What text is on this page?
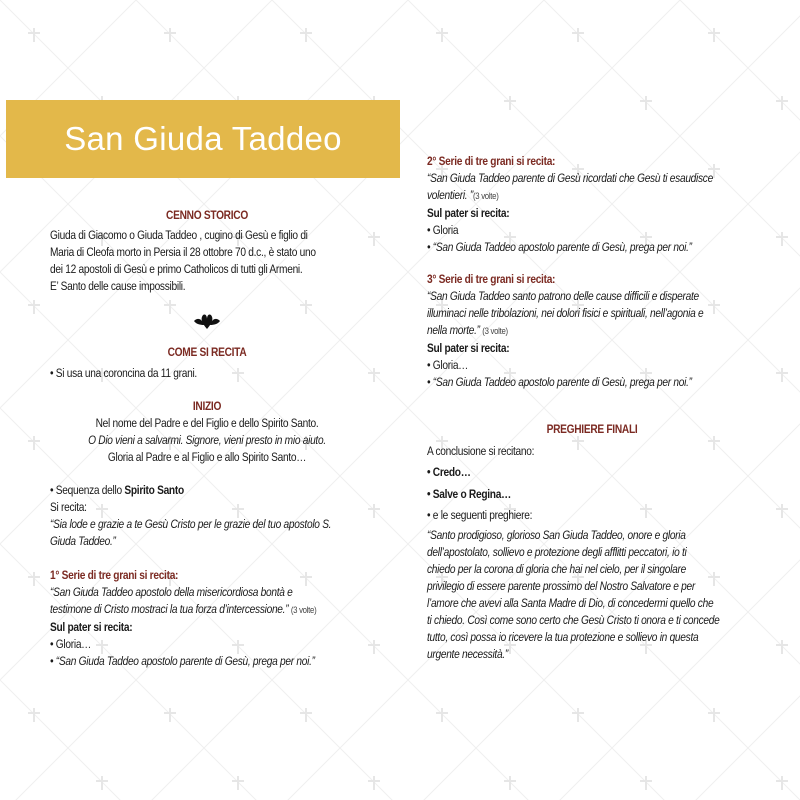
San Giuda Taddeo
CENNO STORICO
Giuda di Giacomo o Giuda Taddeo , cugino di Gesù e figlio di
Maria di Cleofa morto in Persia il 28 ottobre 70 d.c., è stato uno
dei 12 apostoli di Gesù e primo Catholicos di tutti gli Armeni.
E’ Santo delle cause impossibili.
COME SI RECITA
• Si usa una coroncina da 11 grani.
INIZIO
Nel nome del Padre e del Figlio e dello Spirito Santo.
O Dio vieni a salvarmi. Signore, vieni presto in mio aiuto.
Gloria al Padre e al Figlio e allo Spirito Santo…
• Sequenza dello Spirito Santo
Si recita:
“Sia lode e grazie a te Gesù Cristo per le grazie del tuo apostolo S.
Giuda Taddeo.”
1° Serie di tre grani si recita:
“San Giuda Taddeo apostolo della misericordiosa bontà e
testimone di Cristo mostraci la tua forza d’intercessione.” (3 volte)
Sul pater si recita:
• Gloria…
• “San Giuda Taddeo apostolo parente di Gesù, prega per noi.”
2° Serie di tre grani si recita:
“San Giuda Taddeo parente di Gesù ricordati che Gesù ti esaudisce
volentieri. ”(3 volte)
Sul pater si recita:
• Gloria
• “San Giuda Taddeo apostolo parente di Gesù, prega per noi.”
3° Serie di tre grani si recita:
“San Giuda Taddeo santo patrono delle cause difficili e disperate
illuminaci nelle tribolazioni, nei dolori fisici e spirituali, nell’agonia e
nella morte.” (3 volte)
Sul pater si recita:
• Gloria…
• “San Giuda Taddeo apostolo parente di Gesù, prega per noi.”
PREGHIERE FINALI
A conclusione si recitano:
• Credo…
• Salve o Regina…
• e le seguenti preghiere:
“Santo prodigioso, glorioso San Giuda Taddeo, onore e gloria
dell’apostolato, sollievo e protezione degli afflitti peccatori, io ti
chiedo per la corona di gloria che hai nel cielo, per il singolare
privilegio di essere parente prossimo del Nostro Salvatore e per
l’amore che avevi alla Santa Madre di Dio, di concedermi quello che
ti chiedo. Così come sono certo che Gesù Cristo ti onora e ti concede
tutto, così possa io ricevere la tua protezione e sollievo in questa
urgente necessità.”
